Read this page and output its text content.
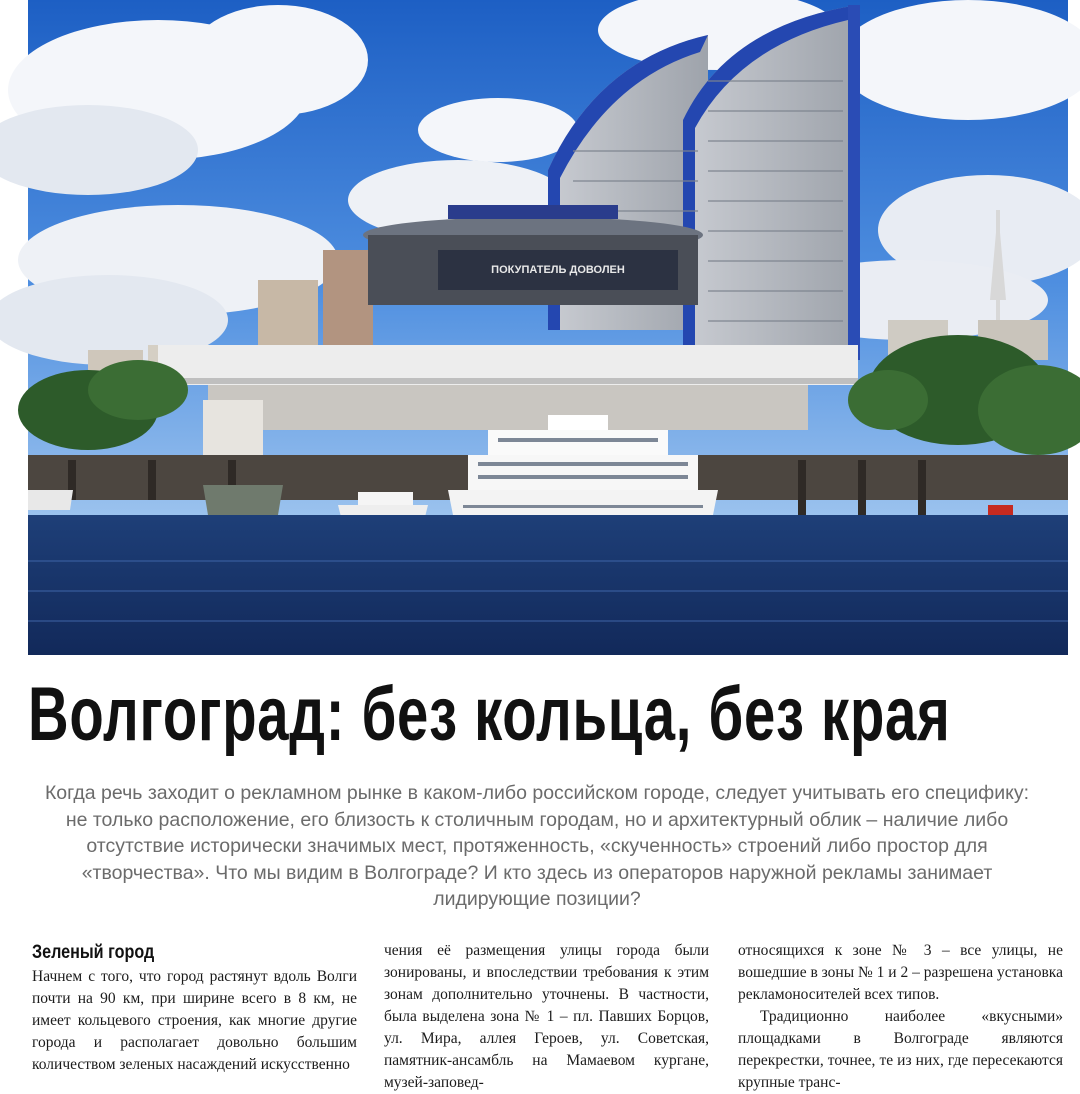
ПОКУПАТЕЛЬ ДОВОЛЕН
Волгоград: без кольца, без края
Когда речь заходит о рекламном рынке в каком-либо российском городе, следует учитывать его специфику: не только расположение, его близость к столичным городам, но и архитектурный облик – наличие либо отсутствие исторически значимых мест, протяженность, «скученность» строений либо простор для «творчества». Что мы видим в Волгограде? И кто здесь из операторов наружной рекламы занимает лидирующие позиции?
Зеленый город

Начнем с того, что город растянут вдоль Волги почти на 90 км, при ширине всего в 8 км, не имеет кольцевого строения, как многие другие города и располагает довольно большим количеством зеленых насаждений искусственно

чения её размещения улицы города были зонированы, и впоследствии требования к этим зонам дополнительно уточнены. В частности, была выделена зона № 1 – пл. Павших Борцов, ул. Мира, аллея Героев, ул. Советская, памятник-ансамбль на Мамаевом кургане, музей-заповед-

относящихся к зоне № 3 – все улицы, не вошедшие в зоны № 1 и 2 – разрешена установка рекламоносителей всех типов.

Традиционно наиболее «вкусными» площадками в Волгограде являются перекрестки, точнее, те из них, где пересекаются крупные транс-
